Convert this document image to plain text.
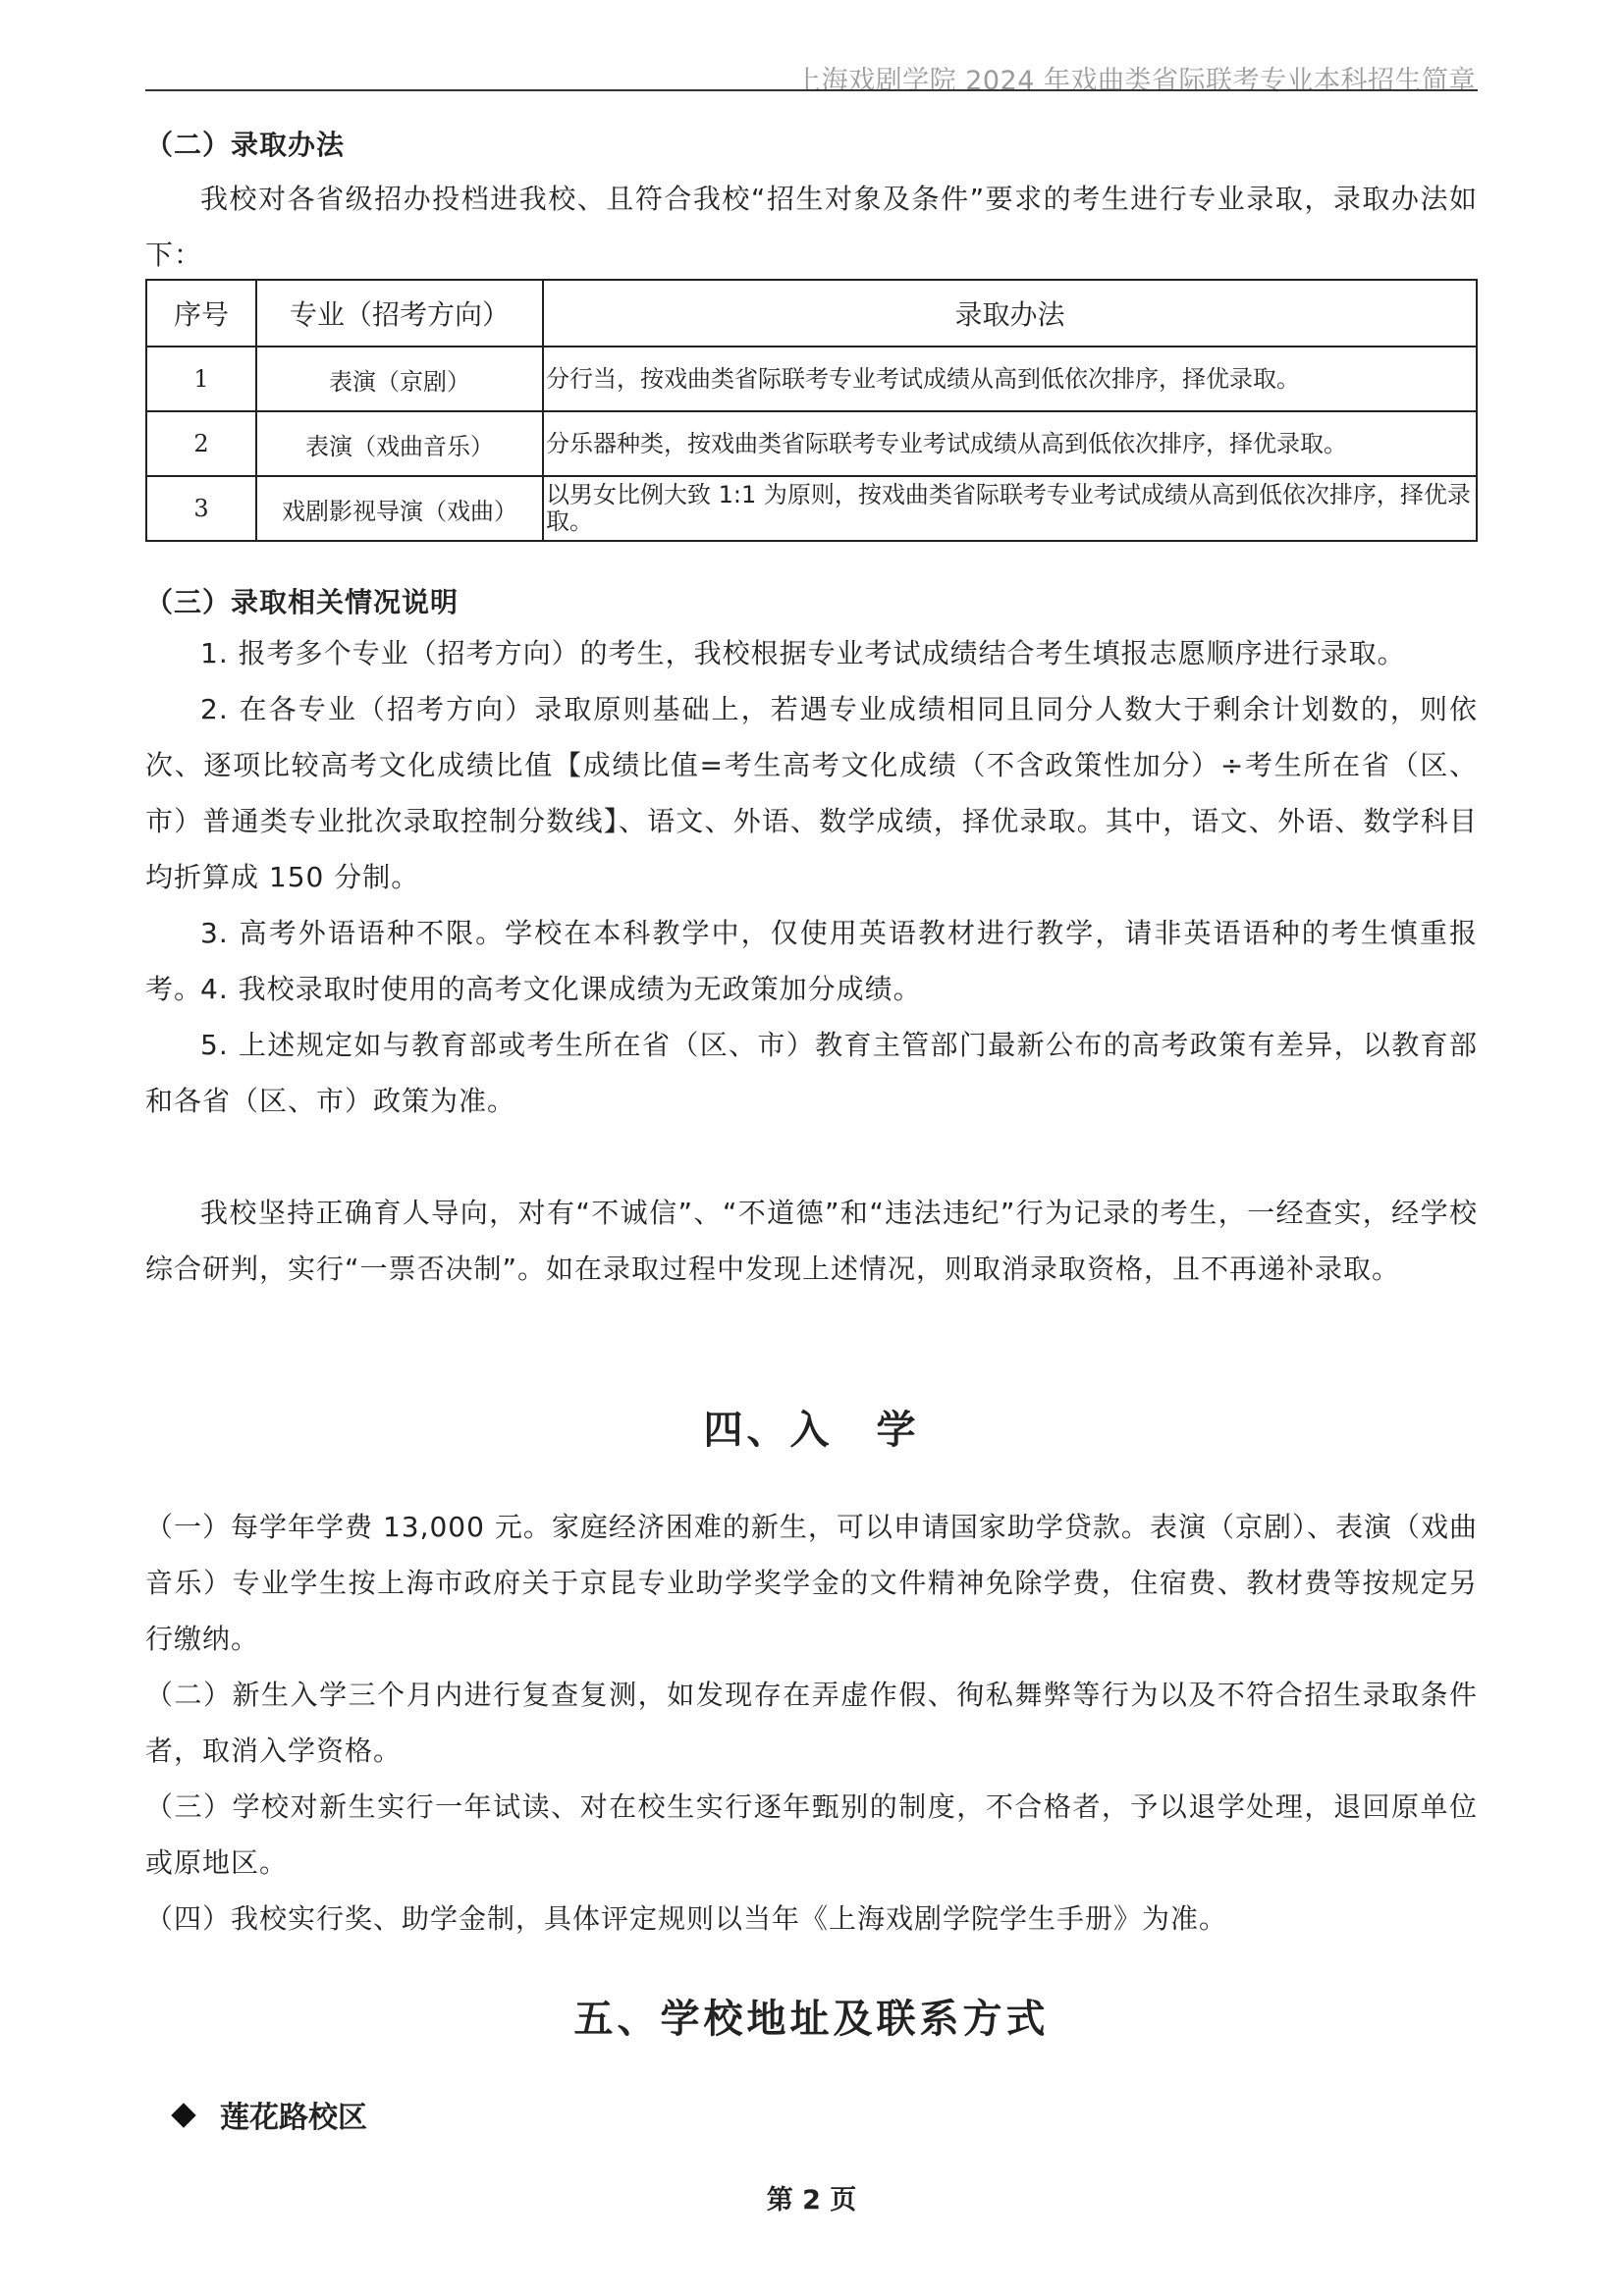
上海戏剧学院 2024 年戏曲类省际联考专业本科招生简章
（二）录取办法
我校对各省级招办投档进我校、且符合我校“招生对象及条件”要求的考生进行专业录取，录取办法如下：
序号	专业（招考方向）	录取办法
1	表演（京剧）	分行当，按戏曲类省际联考专业考试成绩从高到低依次排序，择优录取。
2	表演（戏曲音乐）	分乐器种类，按戏曲类省际联考专业考试成绩从高到低依次排序，择优录取。
3	戏剧影视导演（戏曲）	以男女比例大致 1:1 为原则，按戏曲类省际联考专业考试成绩从高到低依次排序，择优录取。
（三）录取相关情况说明
1. 报考多个专业（招考方向）的考生，我校根据专业考试成绩结合考生填报志愿顺序进行录取。
2. 在各专业（招考方向）录取原则基础上，若遇专业成绩相同且同分人数大于剩余计划数的，则依次、逐项比较高考文化成绩比值【成绩比值=考生高考文化成绩（不含政策性加分）÷考生所在省（区、市）普通类专业批次录取控制分数线】、语文、外语、数学成绩，择优录取。其中，语文、外语、数学科目均折算成 150 分制。
3. 高考外语语种不限。学校在本科教学中，仅使用英语教材进行教学，请非英语语种的考生慎重报考。
4. 我校录取时使用的高考文化课成绩为无政策加分成绩。
5. 上述规定如与教育部或考生所在省（区、市）教育主管部门最新公布的高考政策有差异，以教育部和各省（区、市）政策为准。
我校坚持正确育人导向，对有“不诚信”、“不道德”和“违法违纪”行为记录的考生，一经查实，经学校综合研判，实行“一票否决制”。如在录取过程中发现上述情况，则取消录取资格，且不再递补录取。
四、入　学
（一）每学年学费 13,000 元。家庭经济困难的新生，可以申请国家助学贷款。表演（京剧）、表演（戏曲音乐）专业学生按上海市政府关于京昆专业助学奖学金的文件精神免除学费，住宿费、教材费等按规定另行缴纳。
（二）新生入学三个月内进行复查复测，如发现存在弄虚作假、徇私舞弊等行为以及不符合招生录取条件者，取消入学资格。
（三）学校对新生实行一年试读、对在校生实行逐年甄别的制度，不合格者，予以退学处理，退回原单位或原地区。
（四）我校实行奖、助学金制，具体评定规则以当年《上海戏剧学院学生手册》为准。
五、学校地址及联系方式
莲花路校区
第 2 页
